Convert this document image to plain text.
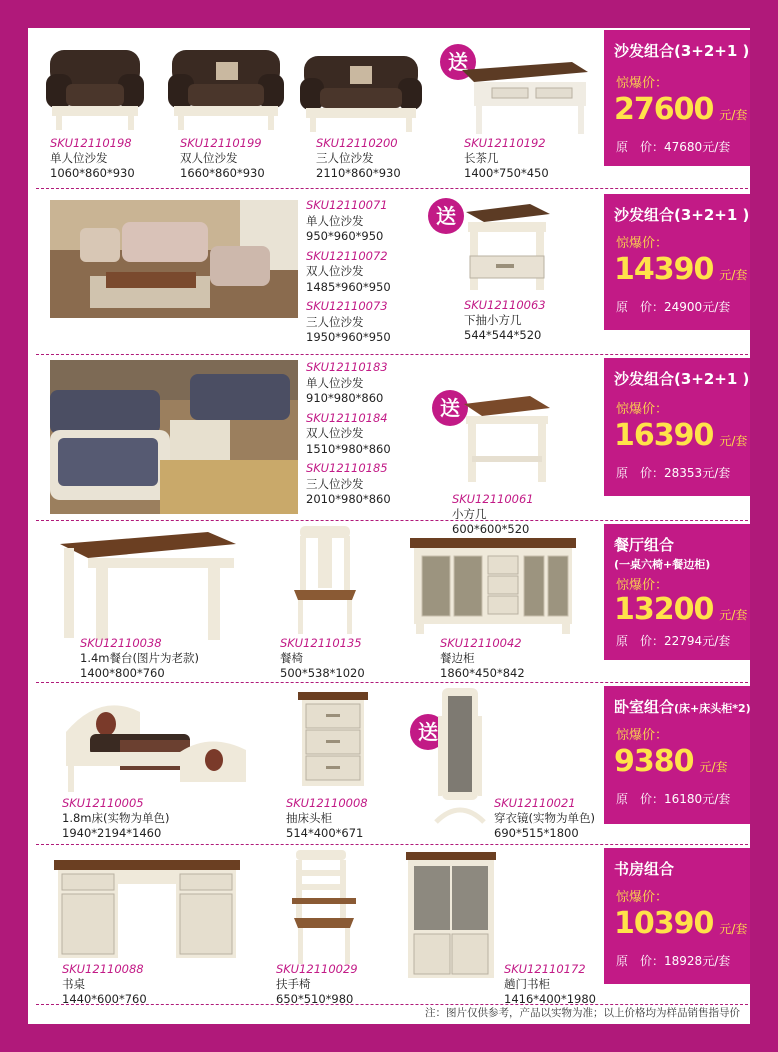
送
SKU12110198
单人位沙发
1060*860*930
SKU12110199
双人位沙发
1660*860*930
SKU12110200
三人位沙发
2110*860*930
SKU12110192
长茶几
1400*750*450
沙发组合(3+2+1 )
惊爆价：
27600 元/套
原　价：47680元/套
SKU12110071
单人位沙发
950*960*950
SKU12110072
双人位沙发
1485*960*950
SKU12110073
三人位沙发
1950*960*950
送
SKU12110063
下抽小方几
544*544*520
沙发组合(3+2+1 )
惊爆价：
14390 元/套
原　价：24900元/套
SKU12110183
单人位沙发
910*980*860
SKU12110184
双人位沙发
1510*980*860
SKU12110185
三人位沙发
2010*980*860
送
SKU12110061
小方几
600*600*520
沙发组合(3+2+1 )
惊爆价：
16390 元/套
原　价：28353元/套
SKU12110038
1.4m餐台(图片为老款)
1400*800*760
SKU12110135
餐椅
500*538*1020
SKU12110042
餐边柜
1860*450*842
餐厅组合
(一桌六椅+餐边柜)
惊爆价：
13200 元/套
原　价：22794元/套
送
SKU12110005
1.8m床(实物为单色)
1940*2194*1460
SKU12110008
抽床头柜
514*400*671
SKU12110021
穿衣镜(实物为单色)
690*515*1800
卧室组合(床+床头柜*2)
惊爆价：
9380 元/套
原　价：16180元/套
SKU12110088
书桌
1440*600*760
SKU12110029
扶手椅
650*510*980
SKU12110172
趟门书柜
1416*400*1980
书房组合
惊爆价：
10390 元/套
原　价：18928元/套
注：图片仅供参考，产品以实物为准；以上价格均为样品销售指导价
